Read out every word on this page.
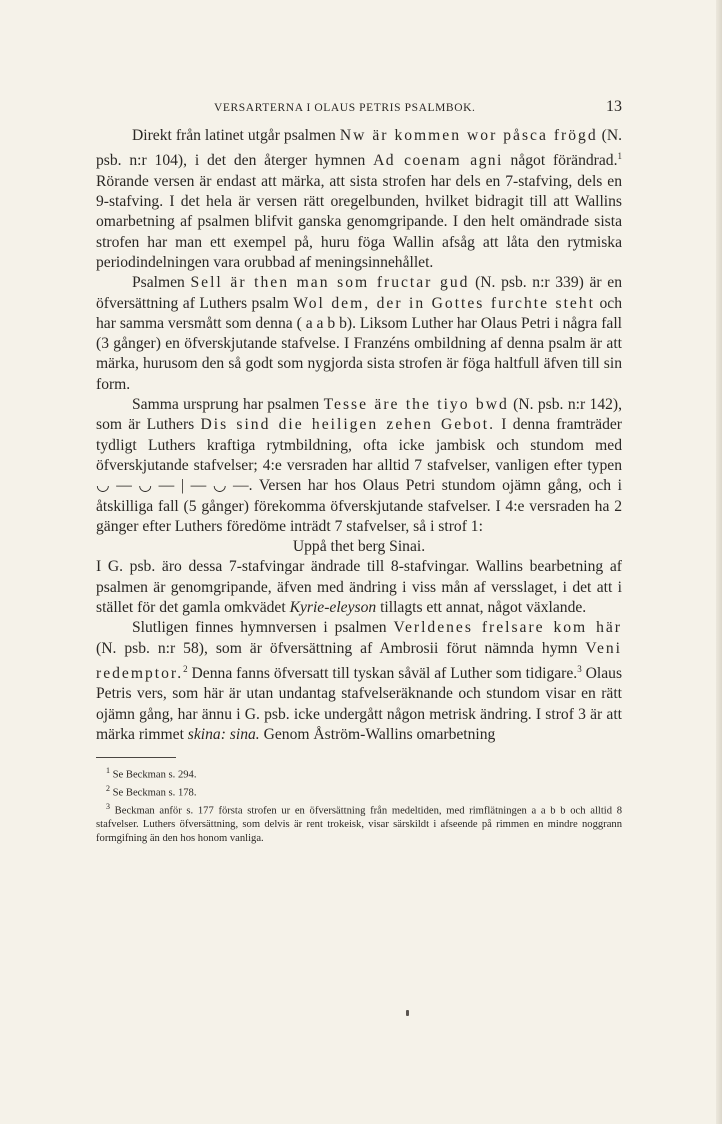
VERSARTERNA I OLAUS PETRIS PSALMBOK.	13

Direkt från latinet utgår psalmen Nw är kommen wor påsca frögd (N. psb. n:r 104), i det den återger hymnen Ad coenam agni något förändrad.$^1$ Rörande versen är endast att märka, att sista strofen har dels en 7-stafving, dels en 9-stafving. I det hela är versen rätt oregelbunden, hvilket bidragit till att Wallins omarbetning af psalmen blifvit ganska genomgripande. I den helt omändrade sista strofen har man ett exempel på, huru föga Wallin afsåg att låta den rytmiska periodindelningen vara orubbad af meningsinnehållet.

Psalmen Sell är then man som fructar gud (N. psb. n:r 339) är en öfversättning af Luthers psalm Wol dem, der in Gottes furchte steht och har samma versmått som denna ( a a b b). Liksom Luther har Olaus Petri i några fall (3 gånger) en öfverskjutande stafvelse. I Franzéns ombildning af denna psalm är att märka, hurusom den så godt som nygjorda sista strofen är föga haltfull äfven till sin form.

Samma ursprung har psalmen Tesse äre the tiyo bwd (N. psb. n:r 142), som är Luthers Dis sind die heiligen zehen Gebot. I denna framträder tydligt Luthers kraftiga rytmbildning, ofta icke jambisk och stundom med öfverskjutande stafvelser; 4:e versraden har alltid 7 stafvelser, vanligen efter typen ◡ — ◡ — | — ◡ —. Versen har hos Olaus Petri stundom ojämn gång, och i åtskilliga fall (5 gånger) förekomma öfverskjutande stafvelser. I 4:e versraden ha 2 gänger efter Luthers föredöme inträdt 7 stafvelser, så i strof 1:

Uppå thet berg Sinai.

I G. psb. äro dessa 7-stafvingar ändrade till 8-stafvingar. Wallins bearbetning af psalmen är genomgripande, äfven med ändring i viss mån af versslaget, i det att i stället för det gamla omkvädet Kyrie-eleyson tillagts ett annat, något växlande.

Slutligen finnes hymnversen i psalmen Verldenes frelsare kom här (N. psb. n:r 58), som är öfversättning af Ambrosii förut nämnda hymn Veni redemptor.$^2$ Denna fanns öfversatt till tyskan såväl af Luther som tidigare.$^3$ Olaus Petris vers, som här är utan undantag stafvelseräknande och stundom visar en rätt ojämn gång, har ännu i G. psb. icke undergått någon metrisk ändring. I strof 3 är att märka rimmet skina: sina. Genom Åström-Wallins omarbetning

$^1$ Se Beckman s. 294.

$^2$ Se Beckman s. 178.

$^3$ Beckman anför s. 177 första strofen ur en öfversättning från medeltiden, med rimflätningen a a b b och alltid 8 stafvelser. Luthers öfversättning, som delvis är rent trokeisk, visar särskildt i afseende på rimmen en mindre noggrann formgifning än den hos honom vanliga.
